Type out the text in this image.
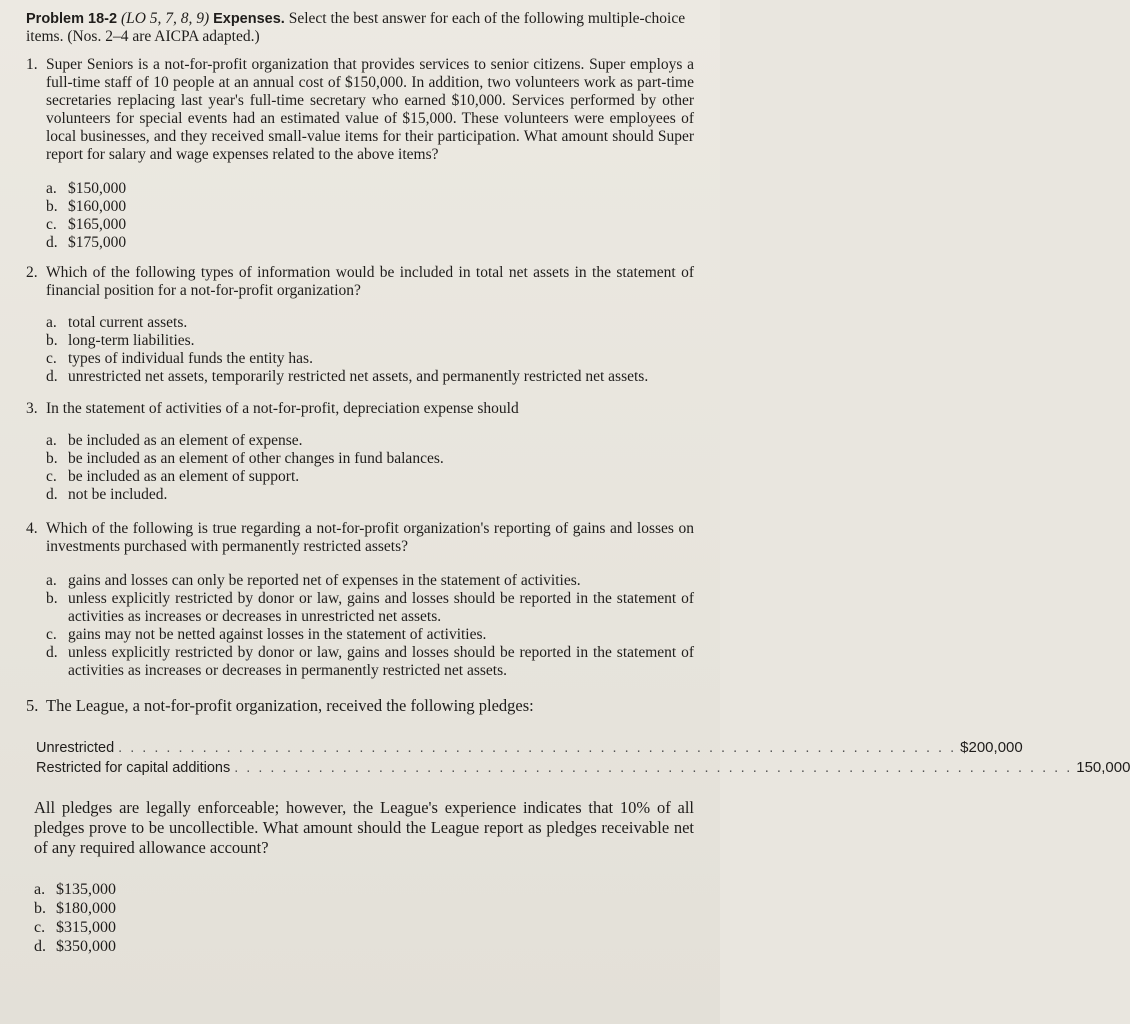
Problem 18-2 (LO 5, 7, 8, 9) Expenses. Select the best answer for each of the following multiple-choice items. (Nos. 2–4 are AICPA adapted.)
1. Super Seniors is a not-for-profit organization that provides services to senior citizens. Super employs a full-time staff of 10 people at an annual cost of $150,000. In addition, two volunteers work as part-time secretaries replacing last year's full-time secretary who earned $10,000. Services performed by other volunteers for special events had an estimated value of $15,000. These volunteers were employees of local businesses, and they received small-value items for their participation. What amount should Super report for salary and wage expenses related to the above items?
a. $150,000
b. $160,000
c. $165,000
d. $175,000
2. Which of the following types of information would be included in total net assets in the statement of financial position for a not-for-profit organization?
a. total current assets.
b. long-term liabilities.
c. types of individual funds the entity has.
d. unrestricted net assets, temporarily restricted net assets, and permanently restricted net assets.
3. In the statement of activities of a not-for-profit, depreciation expense should
a. be included as an element of expense.
b. be included as an element of other changes in fund balances.
c. be included as an element of support.
d. not be included.
4. Which of the following is true regarding a not-for-profit organization's reporting of gains and losses on investments purchased with permanently restricted assets?
a. gains and losses can only be reported net of expenses in the statement of activities.
b. unless explicitly restricted by donor or law, gains and losses should be reported in the statement of activities as increases or decreases in unrestricted net assets.
c. gains may not be netted against losses in the statement of activities.
d. unless explicitly restricted by donor or law, gains and losses should be reported in the statement of activities as increases or decreases in permanently restricted net assets.
5. The League, a not-for-profit organization, received the following pledges:
Unrestricted . . . . . . . . . . . . . . . . . . . . . . . . . . . . . . . . . . . . . . . . . . . . . . . . . . . . . . . . . . . . . . . . . . . . . . $200,000
Restricted for capital additions . . . . . . . . . . . . . . . . . . . . . . . . . . . . . . . . . . . . . . . . . . . . . . . . . . . . . . . . . . . . . . . . . . . . . . 150,000
All pledges are legally enforceable; however, the League's experience indicates that 10% of all pledges prove to be uncollectible. What amount should the League report as pledges receivable net of any required allowance account?
a. $135,000
b. $180,000
c. $315,000
d. $350,000
